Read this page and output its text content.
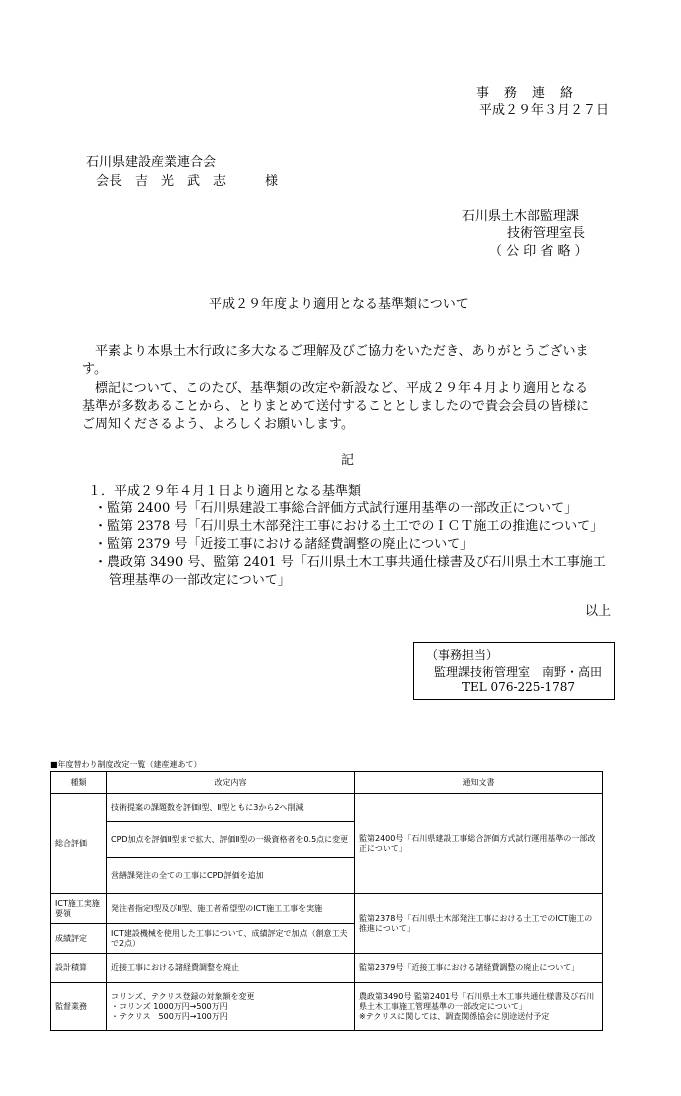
事務連絡
平成２９年３月２７日
石川県建設産業連合会
会長　吉　光　武　志　　　様
石川県土木部監理課
技術管理室長
（ 公 印 省 略 ）
平成２９年度より適用となる基準類について
平素より本県土木行政に多大なるご理解及びご協力をいただき、ありがとうございま
す。
標記について、このたび、基準類の改定や新設など、平成２９年４月より適用となる
基準が多数あることから、とりまとめて送付することとしましたので貴会会員の皆様に
ご周知くださるよう、よろしくお願いします。
記
１．平成２９年４月１日より適用となる基準類
・監第 2400 号「石川県建設工事総合評価方式試行運用基準の一部改正について」
・監第 2378 号「石川県土木部発注工事における土工でのＩＣＴ施工の推進について」
・監第 2379 号「近接工事における諸経費調整の廃止について」
・農政第 3490 号、監第 2401 号「石川県土木工事共通仕様書及び石川県土木工事施工
管理基準の一部改定について」
以上
（事務担当）
監理課技術管理室　南野・高田
TEL 076-225-1787
■年度替わり制度改定一覧（建産連あて）
種類	改定内容	通知文書
総合評価	技術提案の課題数を評価Ⅰ型、Ⅱ型ともに3から2へ削減	監第2400号「石川県建設工事総合評価方式試行運用基準の一部改正について」
	CPD加点を評価Ⅱ型まで拡大、評価Ⅱ型の一級資格者を0.5点に変更	
	営繕課発注の全ての工事にCPD評価を追加	
ICT施工実施要領	発注者指定Ⅰ型及びⅡ型、施工者希望型のICT施工工事を実施	監第2378号「石川県土木部発注工事における土工でのICT施工の推進について」
成績評定	ICT建設機械を使用した工事について、成績評定で加点（創意工夫で2点）	
設計積算	近接工事における諸経費調整を廃止	監第2379号「近接工事における諸経費調整の廃止について」
監督業務	コリンズ、テクリス登録の対象額を変更
・コリンズ 1000万円→500万円
・テクリス　500万円→100万円	農政第3490号 監第2401号「石川県土木工事共通仕様書及び石川県土木工事施工管理基準の一部改定について」
※テクリスに関しては、調査関係協会に別途送付予定
